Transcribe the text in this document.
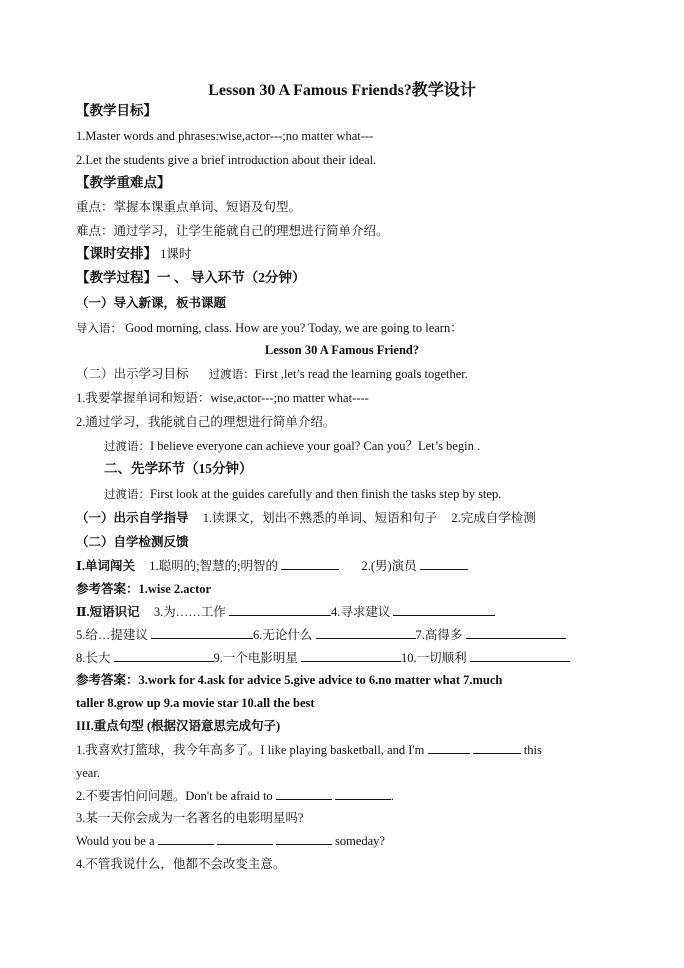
Lesson 30 A Famous Friends?教学设计
【教学目标】
1.Master words and phrases:wise,actor---;no matter what---
2.Let the students give a brief introduction about their ideal.
【教学重难点】
重点：掌握本课重点单词、短语及句型。
难点：通过学习，让学生能就自己的理想进行简单介绍。
【课时安排】 1课时
【教学过程】一 、 导入环节（2分钟）
（一）导入新课，板书课题
导入语： Good morning, class. How are you? Today, we are going to learn：
Lesson 30 A Famous Friend?
（二）出示学习目标 过渡语：First ,let’s read the learning goals together.
1.我要掌握单词和短语：wise,actor---;no matter what----
2.通过学习，我能就自己的理想进行简单介绍。
过渡语：I believe everyone can achieve your goal? Can you？Let’s begin .
二、先学环节（15分钟）
过渡语：First look at the guides carefully and then finish the tasks step by step.
（一）出示自学指导 1.读课文，划出不熟悉的单词、短语和句子 2.完成自学检测
（二）自学检测反馈
Ⅰ.单词闯关 1.聪明的;智慧的;明智的	2.(男)演员
参考答案：1.wise 2.actor
Ⅱ.短语识记 3.为……工作	4.寻求建议
5.给…提建议	6.无论什么	7.高得多
8.长大	9.一个电影明星	10.一切顺利
参考答案：3.work for 4.ask for advice 5.give advice to 6.no matter what 7.much
taller 8.grow up 9.a movie star 10.all the best
III.重点句型 (根据汉语意思完成句子)
1.我喜欢打篮球，我今年高多了。I like playing basketball, and I'm	this
year.
2.不要害怕问问题。Don't be afraid to	.
3.某一天你会成为一名著名的电影明星吗?
Would you be a	someday?
4.不管我说什么，他都不会改变主意。
